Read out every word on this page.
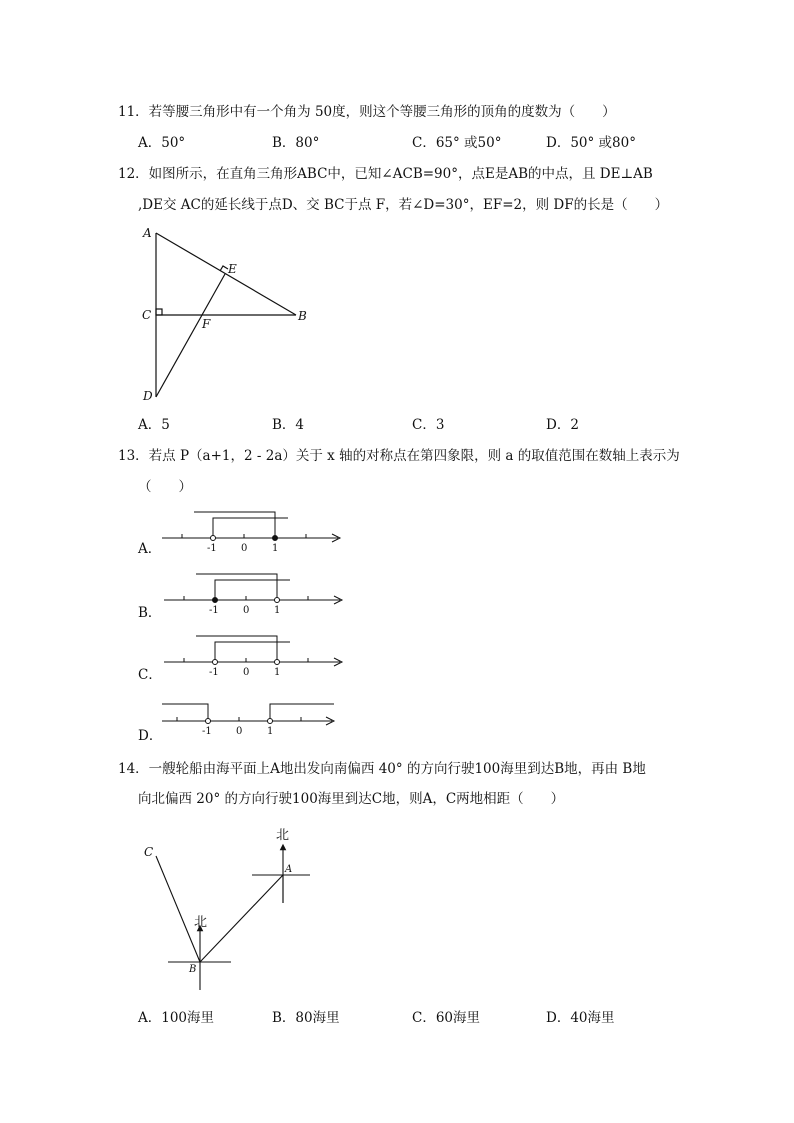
11．若等腰三角形中有一个角为 50度，则这个等腰三角形的顶角的度数为（　　）
A．50°	B．80°	C．65° 或50°	D．50° 或80°
12．如图所示，在直角三角形ABC中，已知∠ACB=90°，点E是AB的中点，且 DE⊥AB
,DE交 AC的延长线于点D、交 BC于点 F，若∠D=30°，EF=2，则 DF的长是（　　）
A
E
C
F
B
D
A．5	B．4	C．3	D．2
13．若点 P（a+1，2 - 2a）关于 x 轴的对称点在第四象限，则 a 的取值范围在数轴上表示为
（　　）
A．	-1 0 1
B．	-1 0 1
C．	-1 0 1
D．	-1 0 1
14．一艘轮船由海平面上A地出发向南偏西 40° 的方向行驶100海里到达B地，再由 B地
向北偏西 20° 的方向行驶100海里到达C地，则A，C两地相距（　　）
北
北
A
B
C
A．100海里	B．80海里	C．60海里	D．40海里
